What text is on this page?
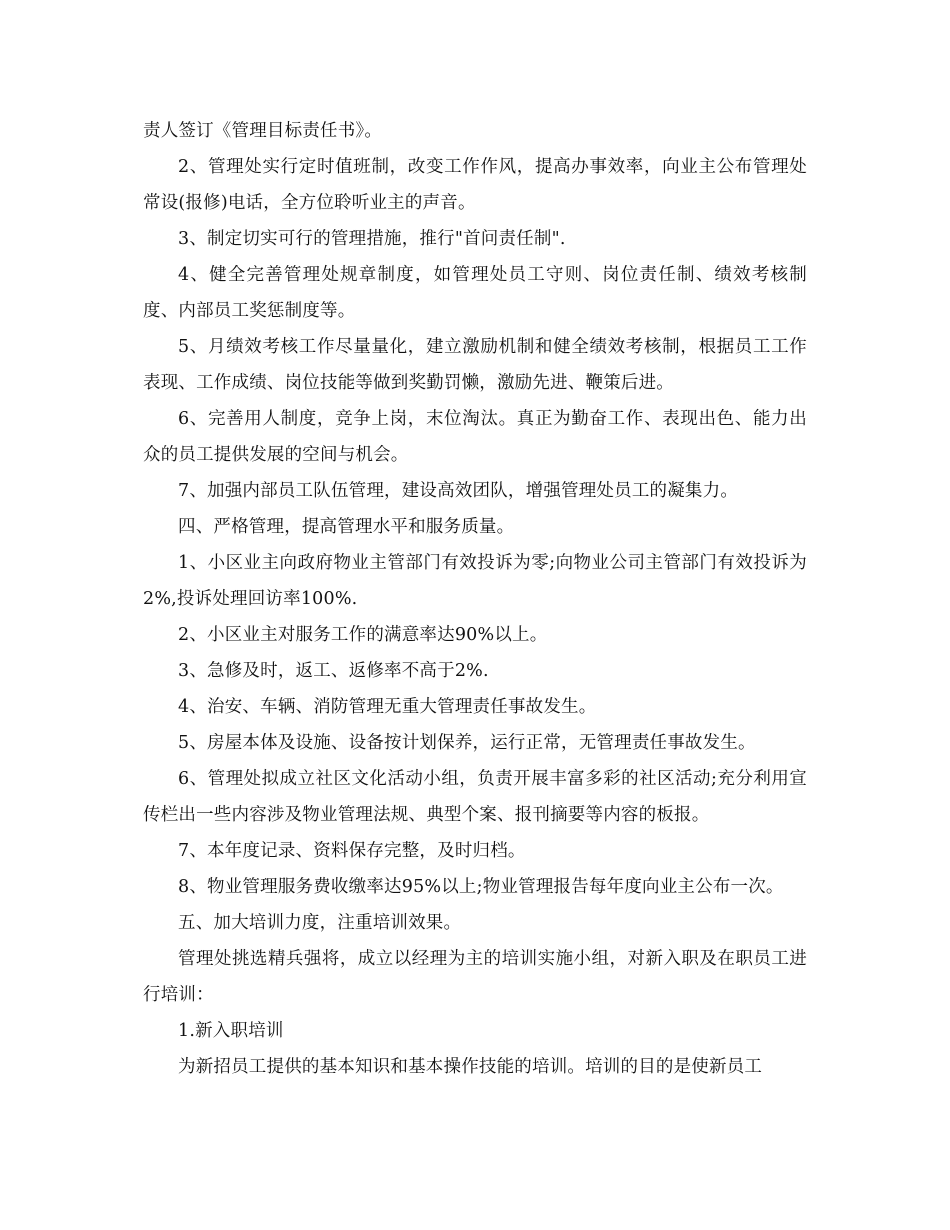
责人签订《管理目标责任书》。

2、管理处实行定时值班制，改变工作作风，提高办事效率，向业主公布管理处常设(报修)电话，全方位聆听业主的声音。

3、制定切实可行的管理措施，推行"首问责任制".

4、健全完善管理处规章制度，如管理处员工守则、岗位责任制、绩效考核制度、内部员工奖惩制度等。

5、月绩效考核工作尽量量化，建立激励机制和健全绩效考核制，根据员工工作表现、工作成绩、岗位技能等做到奖勤罚懒，激励先进、鞭策后进。

6、完善用人制度，竞争上岗，末位淘汰。真正为勤奋工作、表现出色、能力出众的员工提供发展的空间与机会。

7、加强内部员工队伍管理，建设高效团队，增强管理处员工的凝集力。

四、严格管理，提高管理水平和服务质量。

1、小区业主向政府物业主管部门有效投诉为零;向物业公司主管部门有效投诉为2%,投诉处理回访率100%.

2、小区业主对服务工作的满意率达90%以上。

3、急修及时，返工、返修率不高于2%.

4、治安、车辆、消防管理无重大管理责任事故发生。

5、房屋本体及设施、设备按计划保养，运行正常，无管理责任事故发生。

6、管理处拟成立社区文化活动小组，负责开展丰富多彩的社区活动;充分利用宣传栏出一些内容涉及物业管理法规、典型个案、报刊摘要等内容的板报。

7、本年度记录、资料保存完整，及时归档。

8、物业管理服务费收缴率达95%以上;物业管理报告每年度向业主公布一次。

五、加大培训力度，注重培训效果。

管理处挑选精兵强将，成立以经理为主的培训实施小组，对新入职及在职员工进行培训：

1.新入职培训

为新招员工提供的基本知识和基本操作技能的培训。培训的目的是使新员工
